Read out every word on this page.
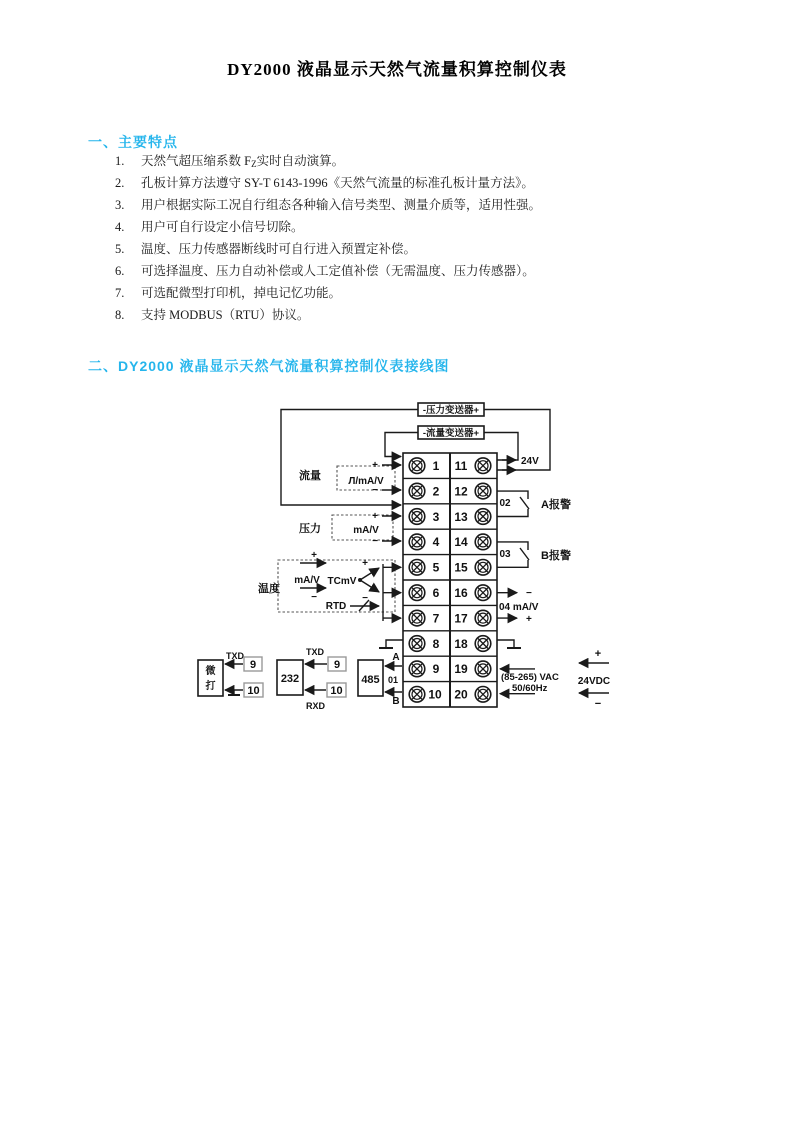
DY2000 液晶显示天然气流量积算控制仪表
一、主要特点
1.	天然气超压缩系数 $F_Z$ 实时自动演算。
2.	孔板计算方法遵守 SY-T 6143-1996《天然气流量的标准孔板计量方法》。
3.	用户根据实际工况自行组态各种输入信号类型、测量介质等，适用性强。
4.	用户可自行设定小信号切除。
5.	温度、压力传感器断线时可自行进入预置定补偿。
6.	可选择温度、压力自动补偿或人工定值补偿（无需温度、压力传感器）。
7.	可选配微型打印机，掉电记忆功能。
8.	支持 MODBUS（RTU）协议。
二、DY2000 液晶显示天然气流量积算控制仪表接线图
-压力变送器+
-流量变送器+
24V
1
2
3
4
5
6
7
8
9
10
11
12
13
14
15
16
17
18
19
20
流量
+
Л/mA/V
−
压力
+
mA/V
−
温度
+
mA/V
−
TCmV
+
−
RTD
02	A报警
03	B报警
−
04 mA/V
+
(85-265) VAC
50/60Hz
+
24VDC
−
微
打
TXD
9
10
232
TXD
9
10
RXD
485
A
01
B
